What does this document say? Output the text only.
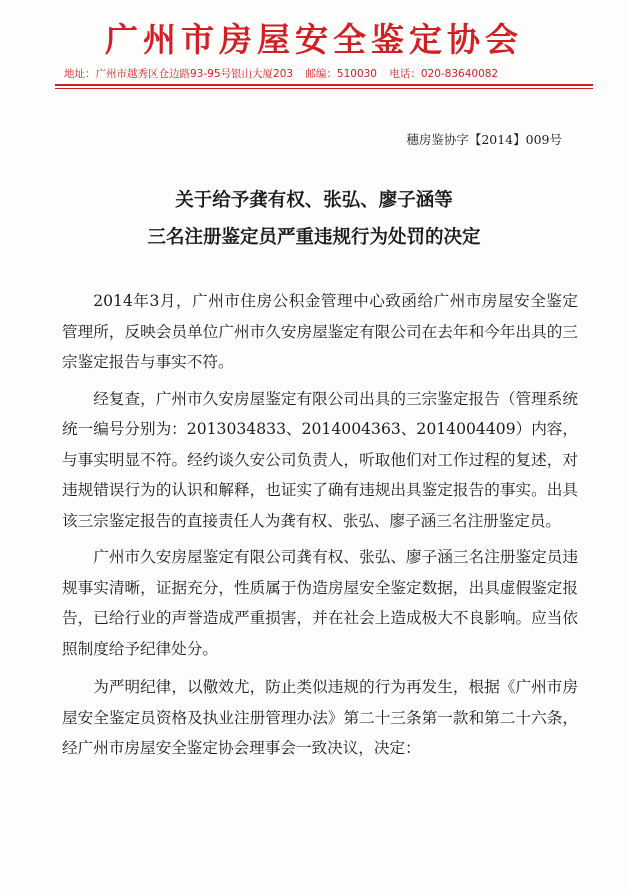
广州市房屋安全鉴定协会
地址：广州市越秀区仓边路93-95号银山大厦203 邮编：510030 电话：020-83640082
穗房鉴协字【2014】009号
关于给予龚有权、张弘、廖子涵等
三名注册鉴定员严重违规行为处罚的决定

2014年3月，广州市住房公积金管理中心致函给广州市房屋安全鉴定管理所，反映会员单位广州市久安房屋鉴定有限公司在去年和今年出具的三宗鉴定报告与事实不符。

经复查，广州市久安房屋鉴定有限公司出具的三宗鉴定报告（管理系统统一编号分别为：2013034833、2014004363、2014004409）内容，与事实明显不符。经约谈久安公司负责人，听取他们对工作过程的复述，对违规错误行为的认识和解释，也证实了确有违规出具鉴定报告的事实。出具该三宗鉴定报告的直接责任人为龚有权、张弘、廖子涵三名注册鉴定员。

广州市久安房屋鉴定有限公司龚有权、张弘、廖子涵三名注册鉴定员违规事实清晰，证据充分，性质属于伪造房屋安全鉴定数据，出具虚假鉴定报告，已给行业的声誉造成严重损害，并在社会上造成极大不良影响。应当依照制度给予纪律处分。

为严明纪律，以儆效尤，防止类似违规的行为再发生，根据《广州市房屋安全鉴定员资格及执业注册管理办法》第二十三条第一款和第二十六条，经广州市房屋安全鉴定协会理事会一致决议，决定：
